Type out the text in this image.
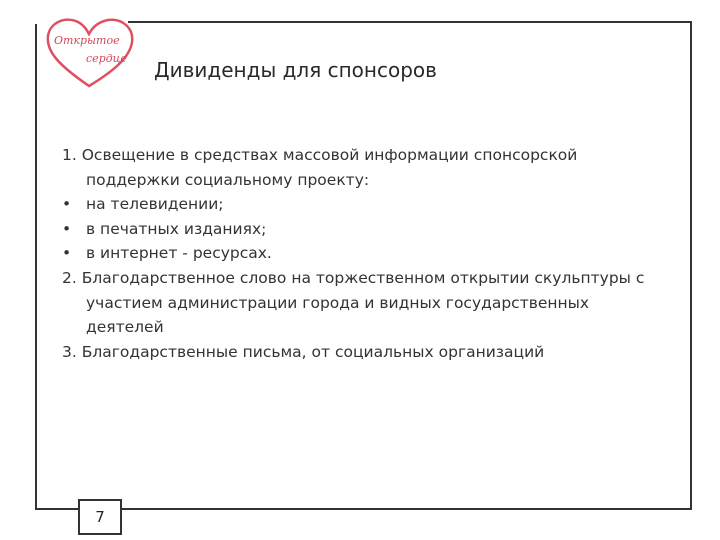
Открытое
сердце Дивиденды для спонсоров
1. Освещение в средствах массовой информации спонсорской
поддержки социальному проекту:
• на телевидении;
• в печатных изданиях;
• в интернет - ресурсах.
2. Благодарственное слово на торжественном открытии скульптуры с
участием администрации города и видных государственных
деятелей
3. Благодарственные письма, от социальных организаций
7
